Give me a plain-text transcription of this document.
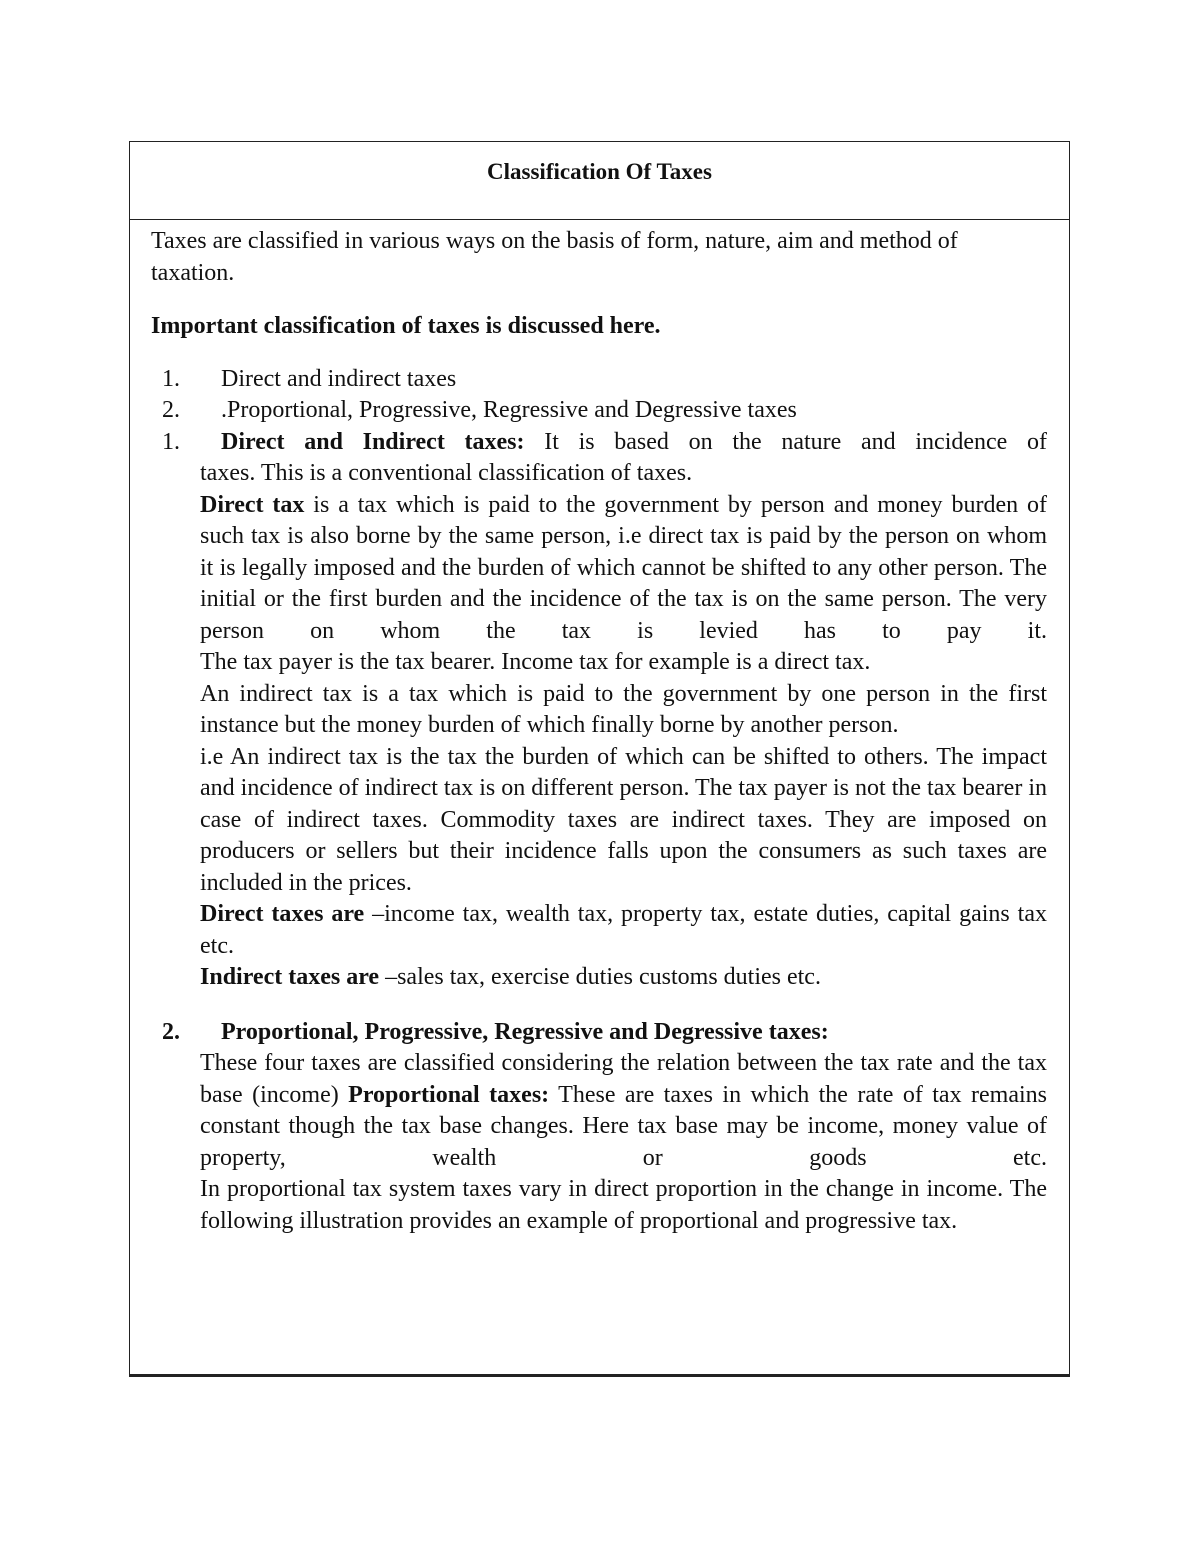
Classification Of Taxes

Taxes are classified in various ways on the basis of form, nature, aim and method of taxation.

Important classification of taxes is discussed here.

1. Direct and indirect taxes
2. .Proportional, Progressive, Regressive and Degressive taxes
1. Direct and Indirect taxes: It is based on the nature and incidence of

taxes. This is a conventional classification of taxes.

Direct tax is a tax which is paid to the government by person and money burden of such tax is also borne by the same person, i.e direct tax is paid by the person on whom it is legally imposed and the burden of which cannot be shifted to any other person. The initial or the first burden and the incidence of the tax is on the same person. The very person on whom the tax is levied has to pay it.

The tax payer is the tax bearer. Income tax for example is a direct tax.

An indirect tax is a tax which is paid to the government by one person in the first instance but the money burden of which finally borne by another person.

i.e An indirect tax is the tax the burden of which can be shifted to others. The impact and incidence of indirect tax is on different person. The tax payer is not the tax bearer in case of indirect taxes. Commodity taxes are indirect taxes. They are imposed on producers or sellers but their incidence falls upon the consumers as such taxes are included in the prices.

Direct taxes are –income tax, wealth tax, property tax, estate duties, capital gains tax etc.

Indirect taxes are –sales tax, exercise duties customs duties etc.

2. Proportional, Progressive, Regressive and Degressive taxes:

These four taxes are classified considering the relation between the tax rate and the tax base (income) Proportional taxes: These are taxes in which the rate of tax remains constant though the tax base changes. Here tax base may be income, money value of property, wealth or goods etc.

In proportional tax system taxes vary in direct proportion in the change in income. The following illustration provides an example of proportional and progressive tax.
